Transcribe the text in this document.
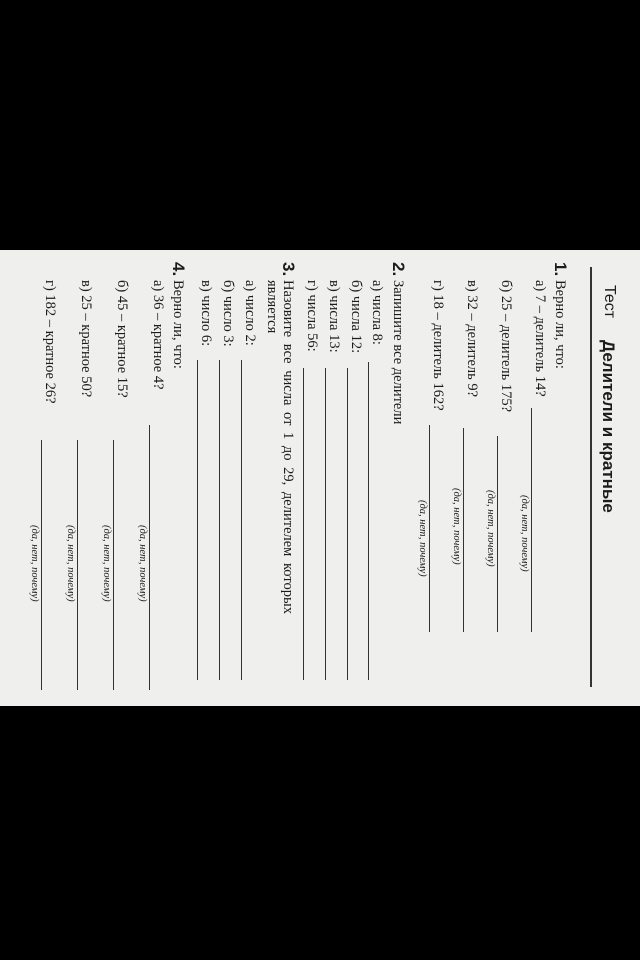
Тест
Делители и кратные
1.
Верно ли, что:
а) 7 – делитель 14?
(да, нет, почему)
б) 25 – делитель 175?
(да, нет, почему)
в) 32 – делитель 9?
(да, нет, почему)
г) 18 – делитель 162?
(да, нет, почему)
2.
Запишите все делители
а) числа 8:
б) числа 12:
в) числа 13:
г) числа 56:
3.
Назовите все числа от 1 до 29, делителем которых
является
а) число 2:
б) число 3:
в) число 6:
4.
Верно ли, что:
а) 36 – кратное 4?
(да, нет, почему)
б) 45 – кратное 15?
(да, нет, почему)
в) 25 – кратное 50?
(да, нет, почему)
г) 182 – кратное 26?
(да, нет, почему)
